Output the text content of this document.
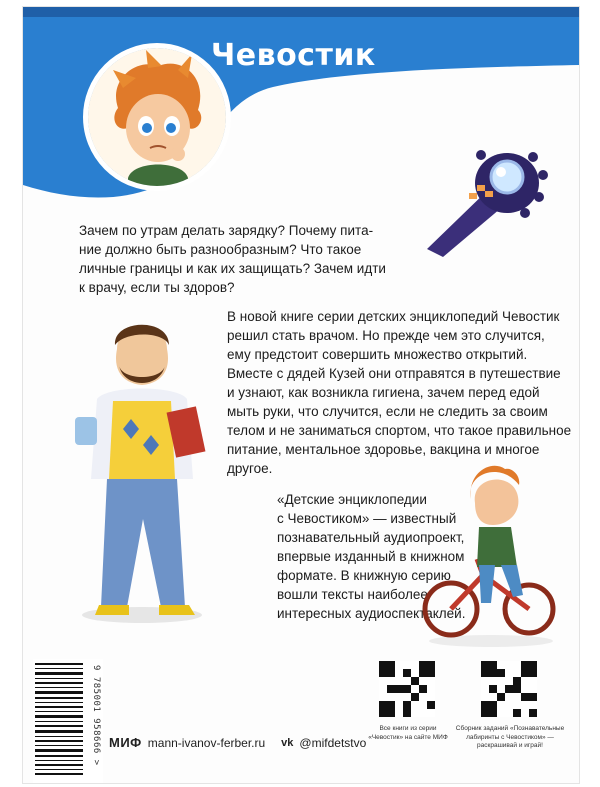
Чевостик
Зачем по утрам делать зарядку? Почему пита-
ние должно быть разнообразным? Что такое
личные границы и как их защищать? Зачем идти
к врачу, если ты здоров?
В новой книге серии детских энциклопедий Чевостик
решил стать врачом. Но прежде чем это случится,
ему предстоит совершить множество открытий.
Вместе с дядей Кузей они отправятся в путешествие
и узнают, как возникла гигиена, зачем перед едой
мыть руки, что случится, если не следить за своим
телом и не заниматься спортом, что такое правильное
питание, ментальное здоровье, вакцина и многое
другое.
«Детские энциклопедии
с Чевостиком» — известный
познавательный аудиопроект,
впервые изданный в книжном
формате. В книжную серию
вошли тексты наиболее
интересных аудиоспектаклей.
9 785001 958666 > МИФ mann-ivanov-ferber.ru vk @mifdetstvo
Все книги из серии «Чевостик» на сайте МИФ
Сборник заданий «Познавательные лабиринты с Чевостиком» — раскрашивай и играй!
